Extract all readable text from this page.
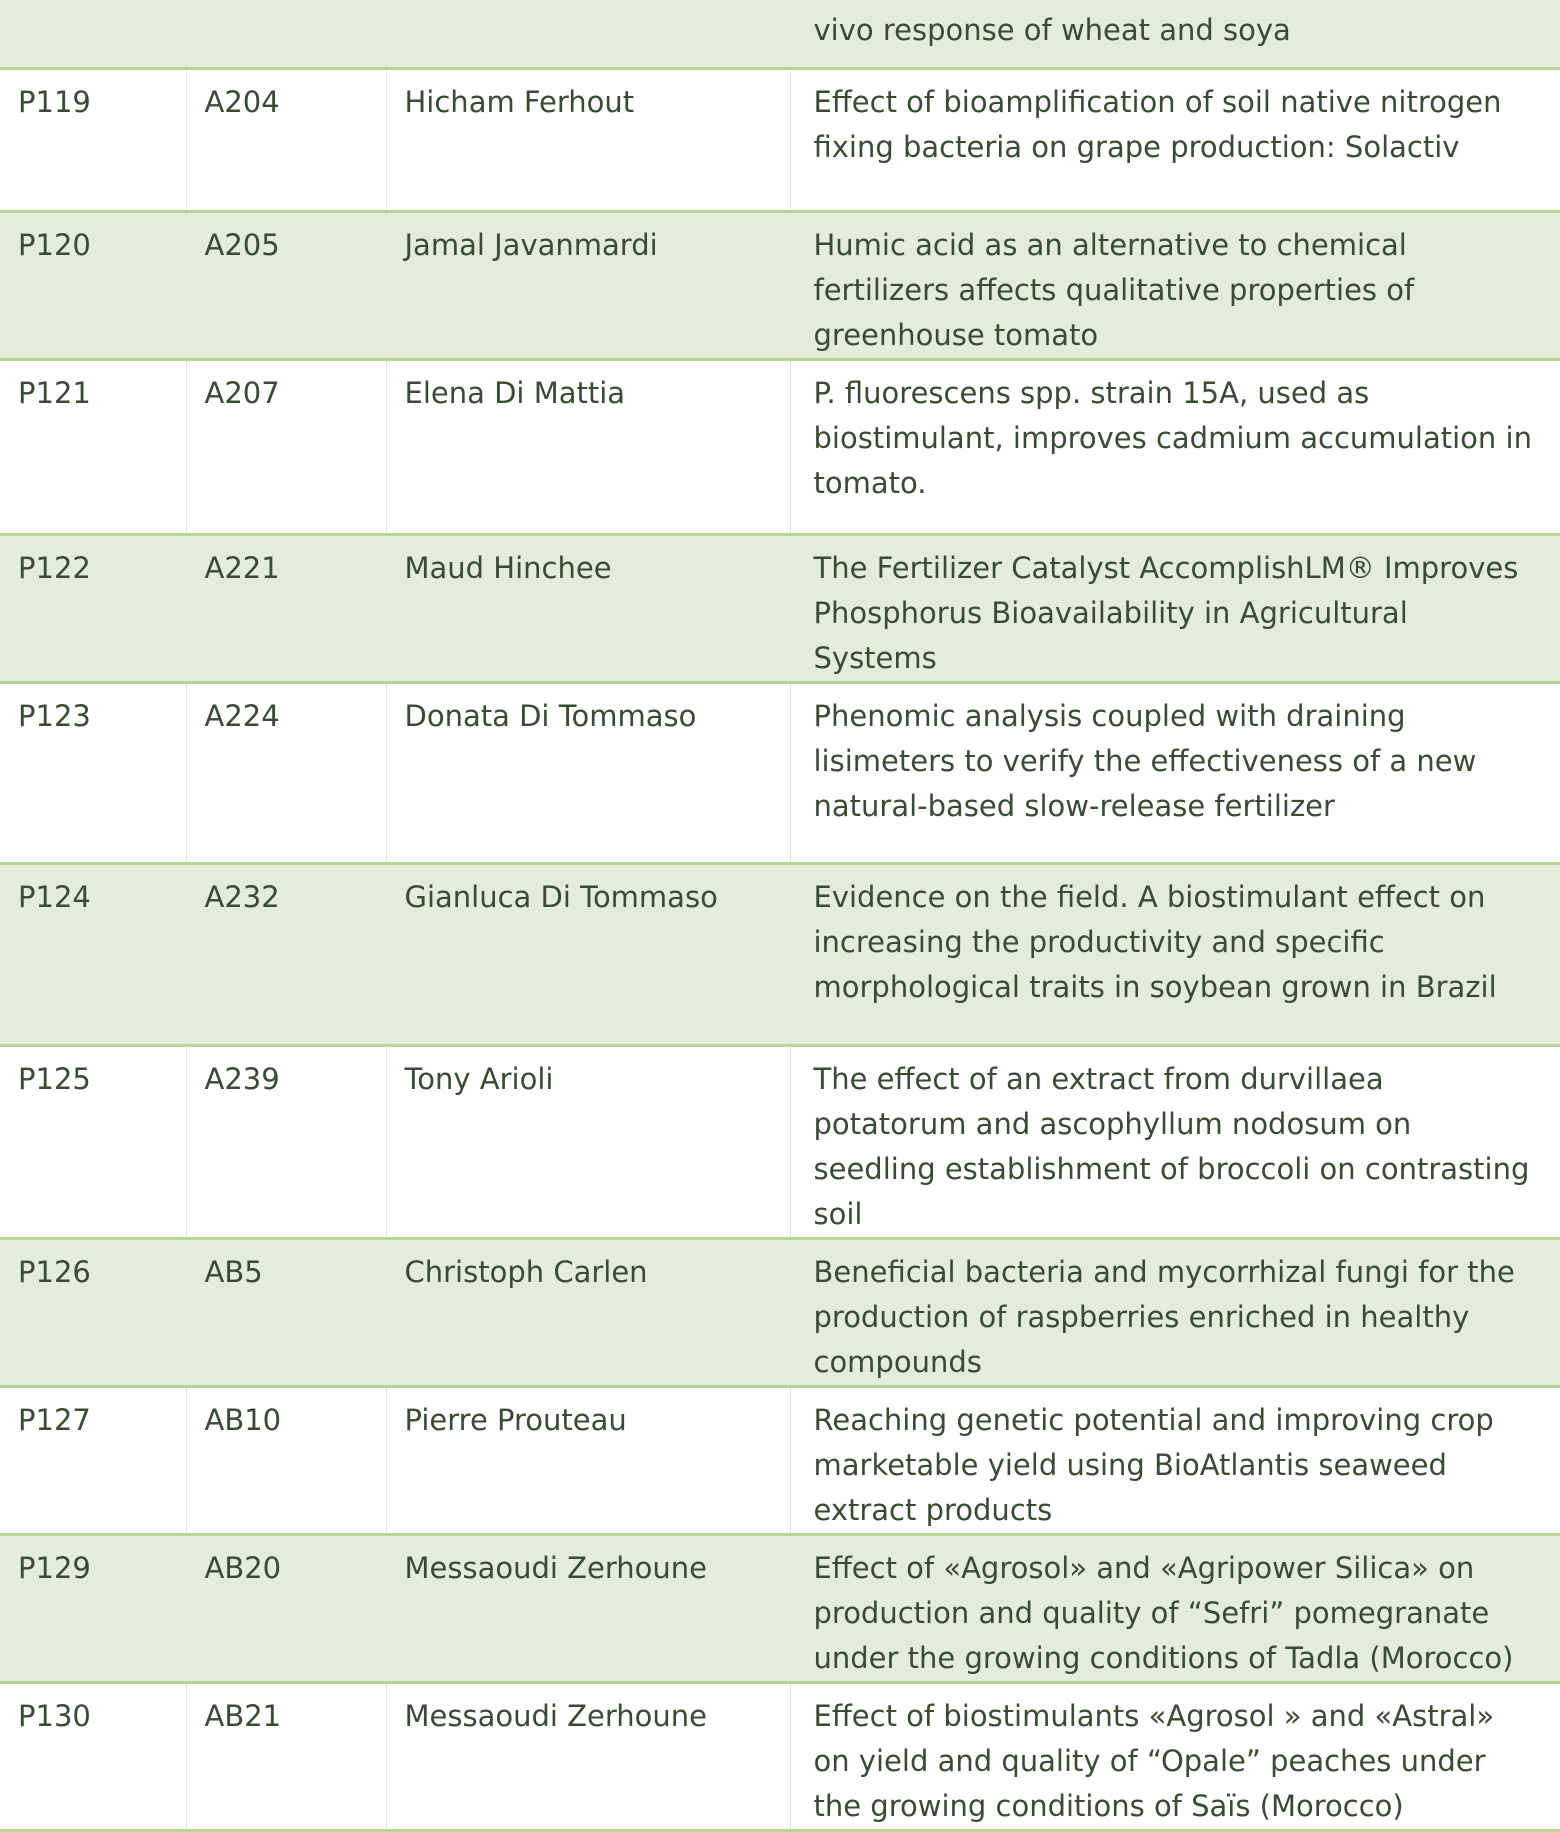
			vivo response of wheat and soya

P119	A204	Hicham Ferhout	Effect of bioamplification of soil native nitrogen fixing bacteria on grape production: Solactiv

P120	A205	Jamal Javanmardi	Humic acid as an alternative to chemical fertilizers affects qualitative properties of greenhouse tomato

P121	A207	Elena Di Mattia	P. fluorescens spp. strain 15A, used as biostimulant, improves cadmium accumulation in tomato.

P122	A221	Maud Hinchee	The Fertilizer Catalyst AccomplishLM® Improves Phosphorus Bioavailability in Agricultural Systems

P123	A224	Donata Di Tommaso	Phenomic analysis coupled with draining lisimeters to verify the effectiveness of a new natural-based slow-release fertilizer

P124	A232	Gianluca Di Tommaso	Evidence on the field. A biostimulant effect on increasing the productivity and specific morphological traits in soybean grown in Brazil

P125	A239	Tony Arioli	The effect of an extract from durvillaea potatorum and ascophyllum nodosum on seedling establishment of broccoli on contrasting soil

P126	AB5	Christoph Carlen	Beneficial bacteria and mycorrhizal fungi for the production of raspberries enriched in healthy compounds

P127	AB10	Pierre Prouteau	Reaching genetic potential and improving crop marketable yield using BioAtlantis seaweed extract products

P129	AB20	Messaoudi Zerhoune	Effect of «Agrosol» and «Agripower Silica» on production and quality of “Sefri” pomegranate under the growing conditions of Tadla (Morocco)

P130	AB21	Messaoudi Zerhoune	Effect of biostimulants «Agrosol » and «Astral» on yield and quality of “Opale” peaches under the growing conditions of Saïs (Morocco)
